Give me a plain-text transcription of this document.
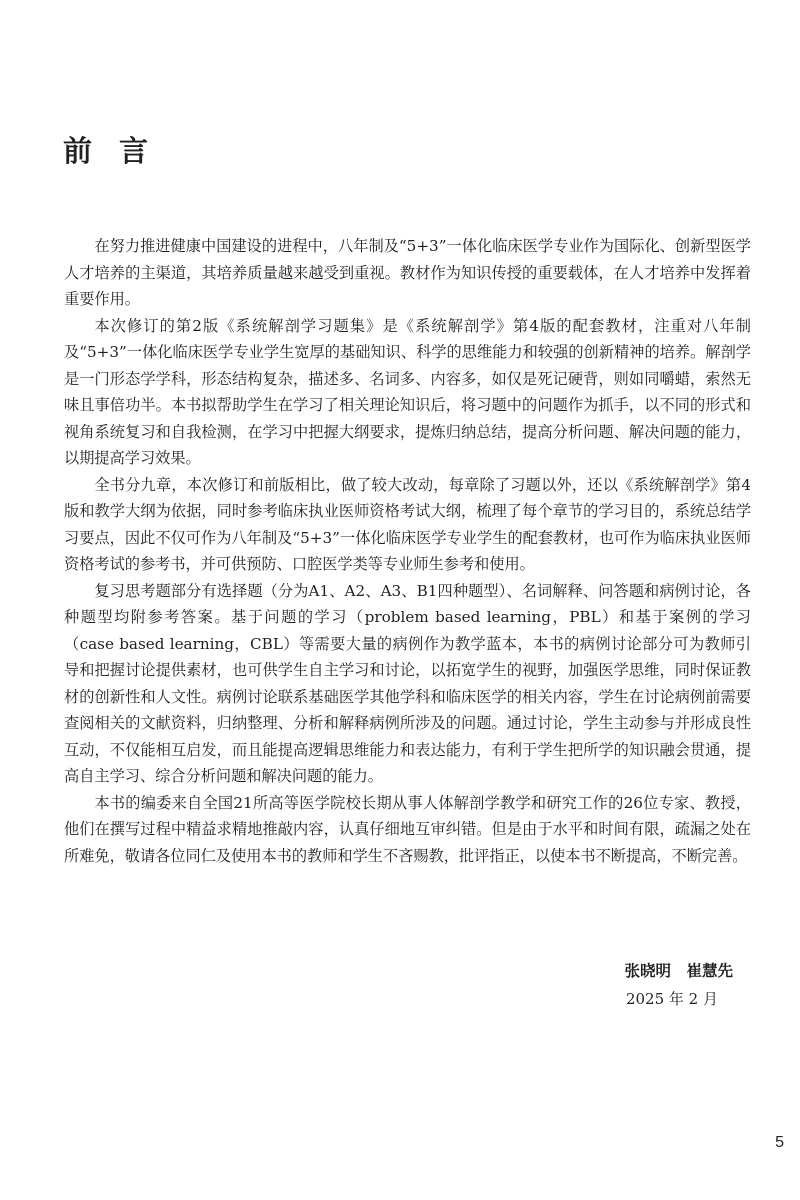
前言

在努力推进健康中国建设的进程中，八年制及“5+3”一体化临床医学专业作为国际化、创新型医学人才培养的主渠道，其培养质量越来越受到重视。教材作为知识传授的重要载体，在人才培养中发挥着重要作用。

本次修订的第2版《系统解剖学习题集》是《系统解剖学》第4版的配套教材，注重对八年制及“5+3”一体化临床医学专业学生宽厚的基础知识、科学的思维能力和较强的创新精神的培养。解剖学是一门形态学学科，形态结构复杂，描述多、名词多、内容多，如仅是死记硬背，则如同嚼蜡，索然无味且事倍功半。本书拟帮助学生在学习了相关理论知识后，将习题中的问题作为抓手，以不同的形式和视角系统复习和自我检测，在学习中把握大纲要求，提炼归纳总结，提高分析问题、解决问题的能力，以期提高学习效果。

全书分九章，本次修订和前版相比，做了较大改动，每章除了习题以外，还以《系统解剖学》第4版和教学大纲为依据，同时参考临床执业医师资格考试大纲，梳理了每个章节的学习目的，系统总结学习要点，因此不仅可作为八年制及“5+3”一体化临床医学专业学生的配套教材，也可作为临床执业医师资格考试的参考书，并可供预防、口腔医学类等专业师生参考和使用。

复习思考题部分有选择题（分为A1、A2、A3、B1四种题型）、名词解释、问答题和病例讨论，各种题型均附参考答案。基于问题的学习（problem based learning，PBL）和基于案例的学习（case based learning，CBL）等需要大量的病例作为教学蓝本，本书的病例讨论部分可为教师引导和把握讨论提供素材，也可供学生自主学习和讨论，以拓宽学生的视野，加强医学思维，同时保证教材的创新性和人文性。病例讨论联系基础医学其他学科和临床医学的相关内容，学生在讨论病例前需要查阅相关的文献资料，归纳整理、分析和解释病例所涉及的问题。通过讨论，学生主动参与并形成良性互动，不仅能相互启发，而且能提高逻辑思维能力和表达能力，有利于学生把所学的知识融会贯通，提高自主学习、综合分析问题和解决问题的能力。

本书的编委来自全国21所高等医学院校长期从事人体解剖学教学和研究工作的26位专家、教授，他们在撰写过程中精益求精地推敲内容，认真仔细地互审纠错。但是由于水平和时间有限，疏漏之处在所难免，敬请各位同仁及使用本书的教师和学生不吝赐教，批评指正，以使本书不断提高，不断完善。

张晓明　崔慧先
2025 年 2 月
5
